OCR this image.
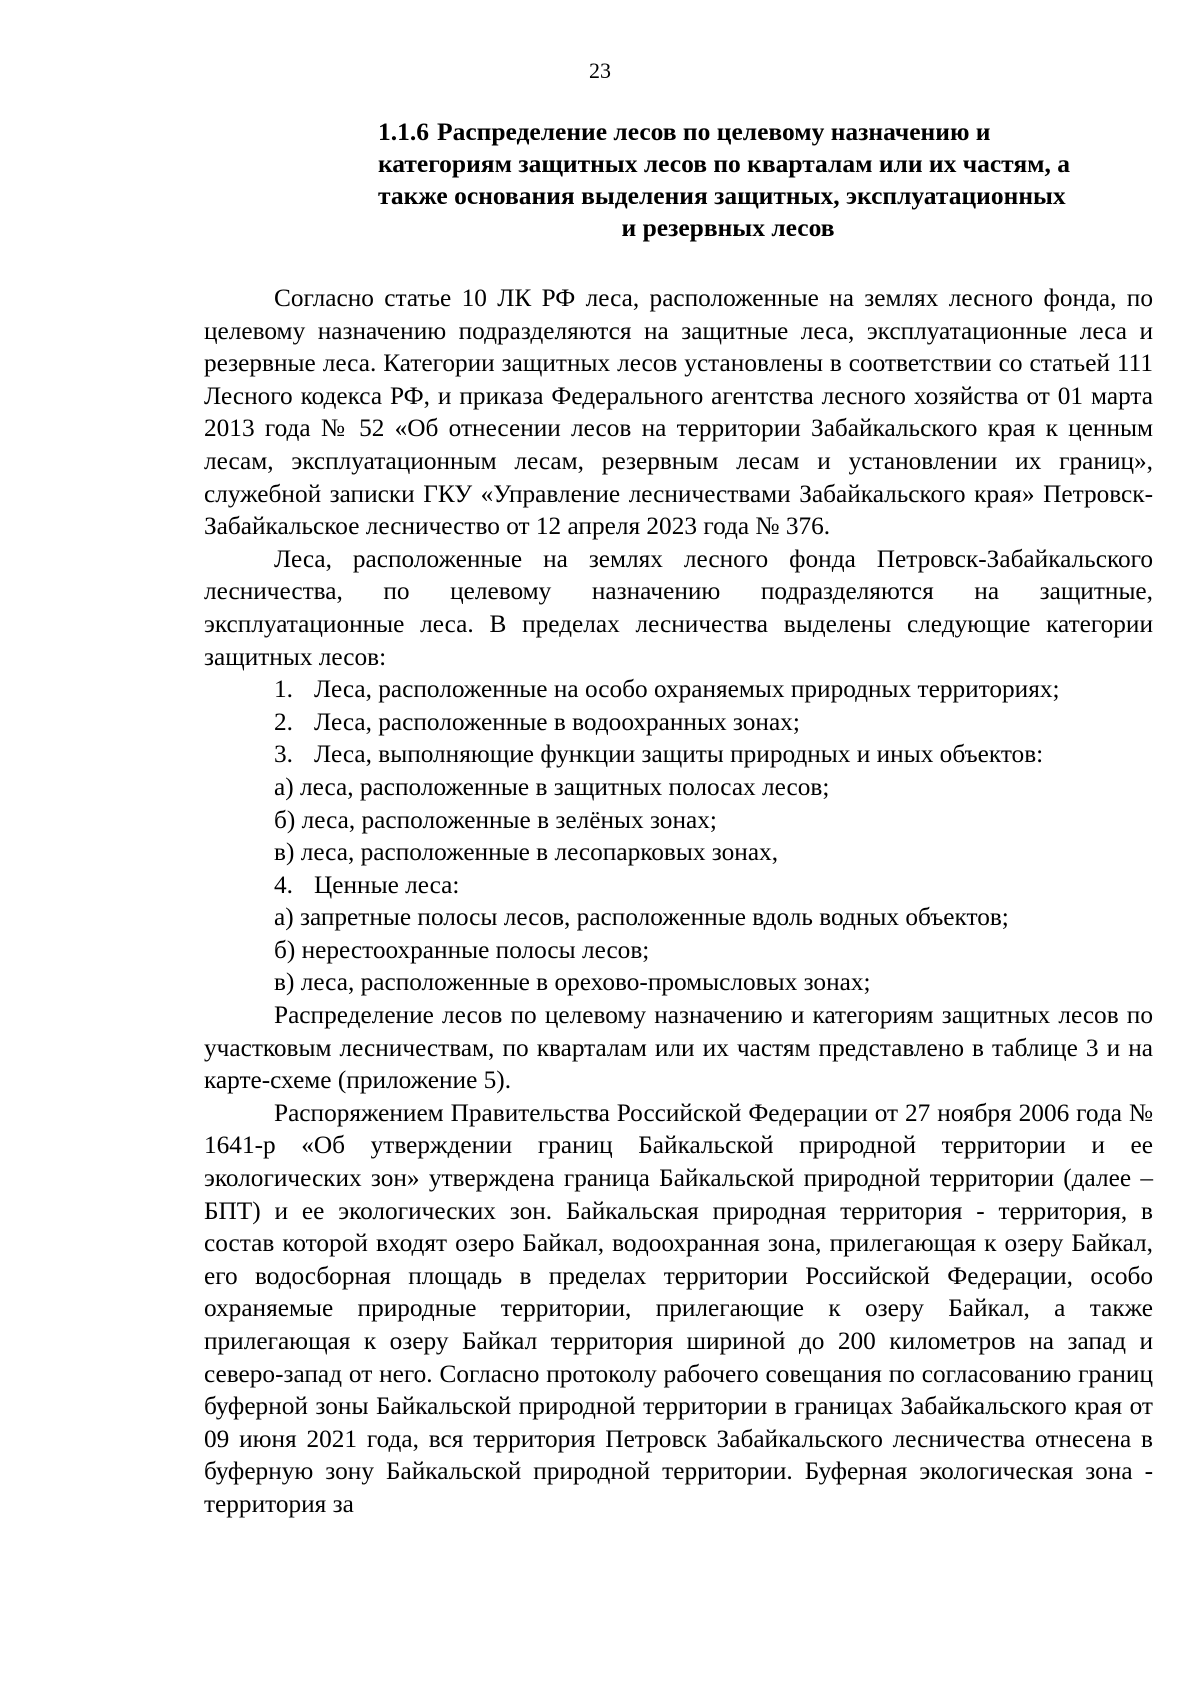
23
1.1.6 Распределение лесов по целевому назначению и
категориям защитных лесов по кварталам или их частям, а
также основания выделения защитных, эксплуатационных
и резервных лесов

Согласно статье 10 ЛК РФ леса, расположенные на землях лесного фонда, по целевому назначению подразделяются на защитные леса, эксплуатационные леса и резервные леса. Категории защитных лесов установлены в соответствии со статьей 111 Лесного кодекса РФ, и приказа Федерального агентства лесного хозяйства от 01 марта 2013 года № 52 «Об отнесении лесов на территории Забайкальского края к ценным лесам, эксплуатационным лесам, резервным лесам и установлении их границ», служебной записки ГКУ «Управление лесничествами Забайкальского края» Петровск-Забайкальское лесничество от 12 апреля 2023 года № 376.

Леса, расположенные на землях лесного фонда Петровск-Забайкальского лесничества, по целевому назначению подразделяются на защитные, эксплуатационные леса. В пределах лесничества выделены следующие категории защитных лесов:

1. Леса, расположенные на особо охраняемых природных территориях;
2. Леса, расположенные в водоохранных зонах;
3. Леса, выполняющие функции защиты природных и иных объектов:
а) леса, расположенные в защитных полосах лесов;
б) леса, расположенные в зелёных зонах;
в) леса, расположенные в лесопарковых зонах,
4. Ценные леса:
а) запретные полосы лесов, расположенные вдоль водных объектов;
б) нерестоохранные полосы лесов;
в) леса, расположенные в орехово-промысловых зонах;

Распределение лесов по целевому назначению и категориям защитных лесов по участковым лесничествам, по кварталам или их частям представлено в таблице 3 и на карте-схеме (приложение 5).

Распоряжением Правительства Российской Федерации от 27 ноября 2006 года № 1641-р «Об утверждении границ Байкальской природной территории и ее экологических зон» утверждена граница Байкальской природной территории (далее – БПТ) и ее экологических зон. Байкальская природная территория - территория, в состав которой входят озеро Байкал, водоохранная зона, прилегающая к озеру Байкал, его водосборная площадь в пределах территории Российской Федерации, особо охраняемые природные территории, прилегающие к озеру Байкал, а также прилегающая к озеру Байкал территория шириной до 200 километров на запад и северо-запад от него. Согласно протоколу рабочего совещания по согласованию границ буферной зоны Байкальской природной территории в границах Забайкальского края от 09 июня 2021 года, вся территория Петровск Забайкальского лесничества отнесена в буферную зону Байкальской природной территории. Буферная экологическая зона - территория за
